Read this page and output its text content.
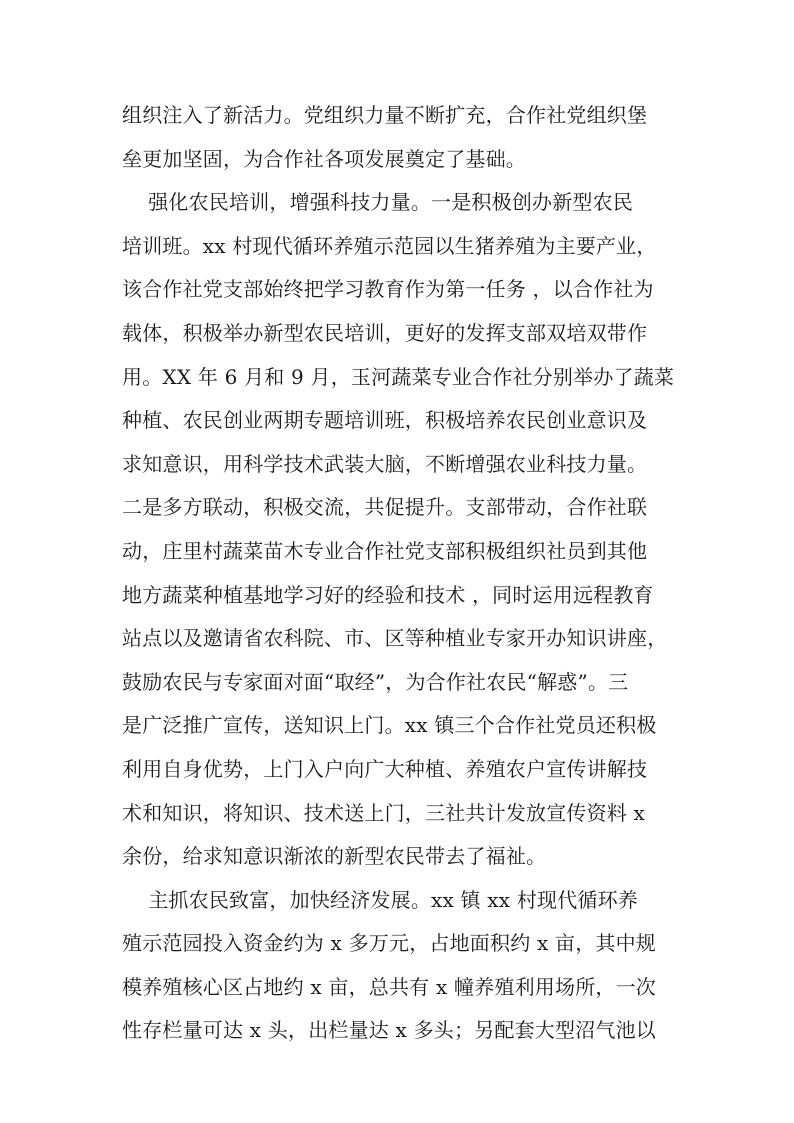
组织注入了新活力。党组织力量不断扩充，合作社党组织堡
垒更加坚固，为合作社各项发展奠定了基础。
强化农民培训，增强科技力量。一是积极创办新型农民
培训班。xx 村现代循环养殖示范园以生猪养殖为主要产业，
该合作社党支部始终把学习教育作为第一任务 ，以合作社为
载体，积极举办新型农民培训，更好的发挥支部双培双带作
用。XX 年 6 月和 9 月，玉河蔬菜专业合作社分别举办了蔬菜
种植、农民创业两期专题培训班，积极培养农民创业意识及
求知意识，用科学技术武装大脑，不断增强农业科技力量。
二是多方联动，积极交流，共促提升。支部带动，合作社联
动，庄里村蔬菜苗木专业合作社党支部积极组织社员到其他
地方蔬菜种植基地学习好的经验和技术 ，同时运用远程教育
站点以及邀请省农科院、市、区等种植业专家开办知识讲座，
鼓励农民与专家面对面“取经”，为合作社农民“解惑”。三
是广泛推广宣传，送知识上门。xx 镇三个合作社党员还积极
利用自身优势，上门入户向广大种植、养殖农户宣传讲解技
术和知识，将知识、技术送上门，三社共计发放宣传资料 x
余份，给求知意识渐浓的新型农民带去了福祉。
主抓农民致富，加快经济发展。xx 镇 xx 村现代循环养
殖示范园投入资金约为 x 多万元，占地面积约 x 亩，其中规
模养殖核心区占地约 x 亩，总共有 x 幢养殖利用场所，一次
性存栏量可达 x 头，出栏量达 x 多头；另配套大型沼气池以
